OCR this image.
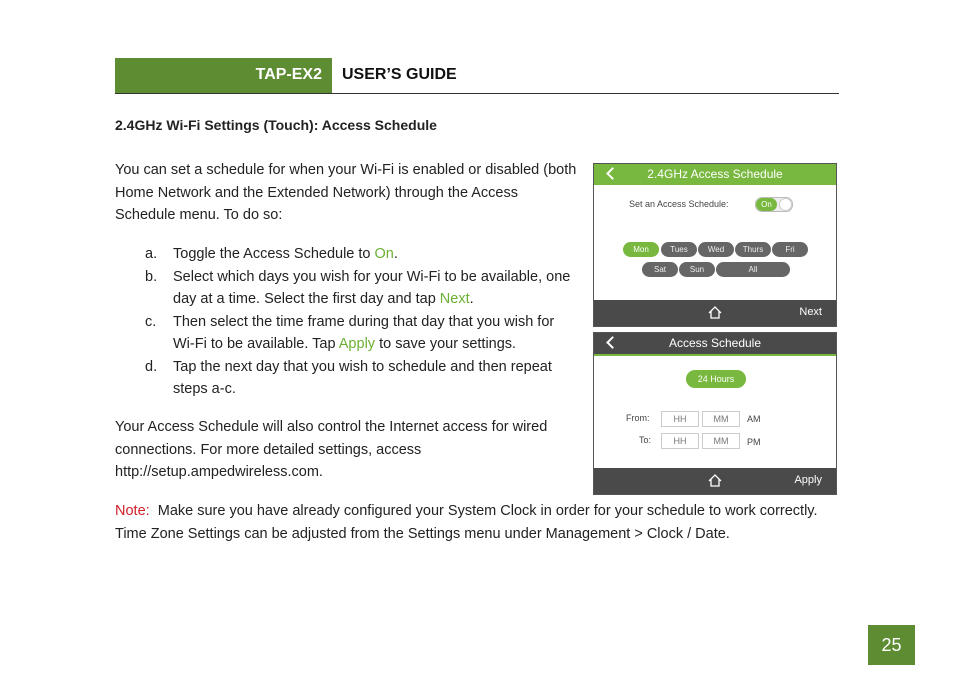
TAP-EX2 USER’S GUIDE
2.4GHz Wi-Fi Settings (Touch): Access Schedule
You can set a schedule for when your Wi-Fi is enabled or disabled (both Home Network and the Extended Network) through the Access Schedule menu. To do so:
a.	Toggle the Access Schedule to On.
b.	Select which days you wish for your Wi-Fi to be available, one day at a time. Select the first day and tap Next.
c.	Then select the time frame during that day that you wish for Wi-Fi to be available. Tap Apply to save your settings.
d.	Tap the next day that you wish to schedule and then repeat steps a-c.
Your Access Schedule will also control the Internet access for wired connections. For more detailed settings, access http://setup.ampedwireless.com.
Note: Make sure you have already configured your System Clock in order for your schedule to work correctly. Time Zone Settings can be adjusted from the Settings menu under Management > Clock / Date.
2.4GHz Access Schedule
Set an Access Schedule:	On
Mon	Tues	Wed	Thurs	Fri
Sat	Sun	All
Next
Access Schedule
24 Hours
From:	HH	MM	AM
To:	HH	MM	PM
Apply
25
